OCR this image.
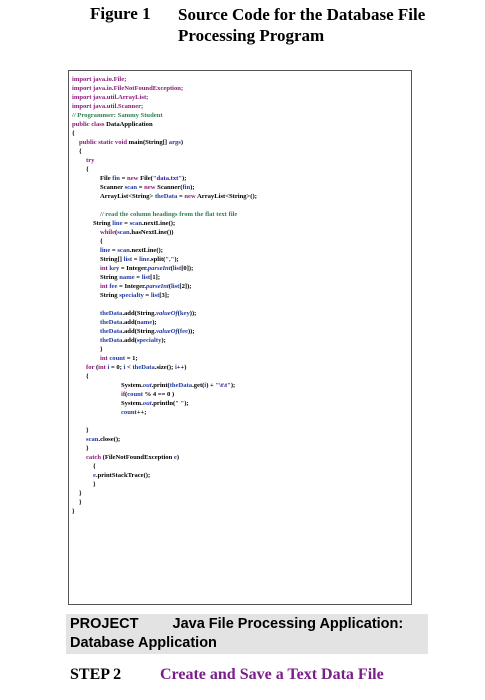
Figure 1 Source Code for the Database File Processing Program
import java.io.File;
import java.io.FileNotFoundException;
import java.util.ArrayList;
import java.util.Scanner;
// Programmer: Sammy Student
public class DataApplication
{
public static void main(String[] args)
{
try
{
File fin = new File("data.txt");
Scanner scan = new Scanner(fin);
ArrayList<String> theData = new ArrayList<String>();
// read the column headings from the flat text file
String line = scan.nextLine();
while(scan.hasNextLine())
{
line = scan.nextLine();
String[] list = line.split(",");
int key = Integer.parseInt(list[0]);
String name = list[1];
int fee = Integer.parseInt(list[2]);
String specialty = list[3];
theData.add(String.valueOf(key));
theData.add(name);
theData.add(String.valueOf(fee));
theData.add(specialty);
}
int count = 1;
for (int i = 0; i < theData.size(); i++)
{
System.out.print(theData.get(i) + "\t\t");
if(count % 4 == 0 )
System.out.println(" ");
count++;
}
scan.close();
}
catch (FileNotFoundException e)
{
e.printStackTrace();
}
}
}
}
PROJECT Java File Processing Application:
Database Application
STEP 2 Create and Save a Text Data File
